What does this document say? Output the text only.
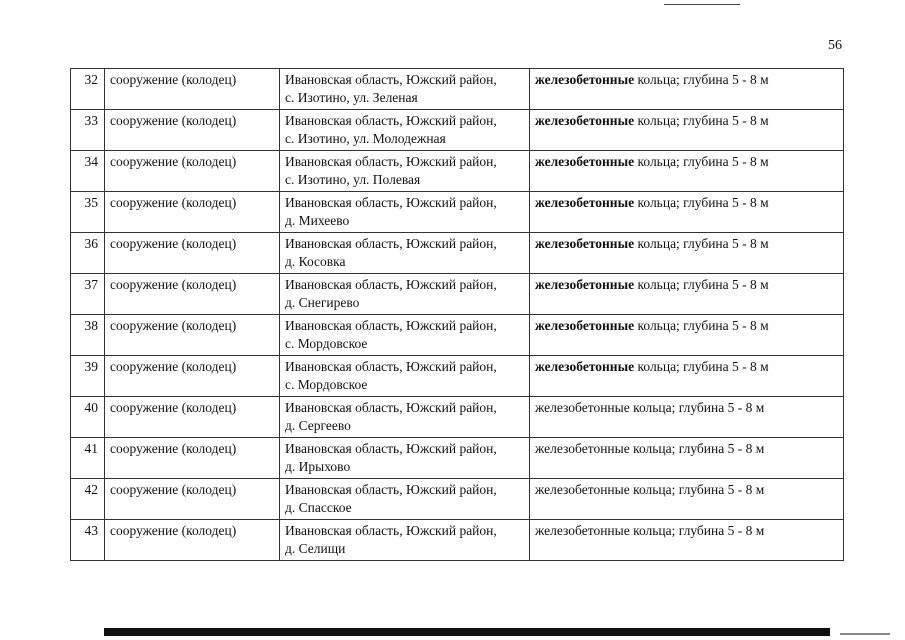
56
32	сооружение (колодец)	Ивановская область, Южский район,
с. Изотино, ул. Зеленая	железобетонные кольца; глубина 5 - 8 м
33	сооружение (колодец)	Ивановская область, Южский район,
с. Изотино, ул. Молодежная	железобетонные кольца; глубина 5 - 8 м
34	сооружение (колодец)	Ивановская область, Южский район,
с. Изотино, ул. Полевая	железобетонные кольца; глубина 5 - 8 м
35	сооружение (колодец)	Ивановская область, Южский район,
д. Михеево	железобетонные кольца; глубина 5 - 8 м
36	сооружение (колодец)	Ивановская область, Южский район,
д. Косовка	железобетонные кольца; глубина 5 - 8 м
37	сооружение (колодец)	Ивановская область, Южский район,
д. Снегирево	железобетонные кольца; глубина 5 - 8 м
38	сооружение (колодец)	Ивановская область, Южский район,
с. Мордовское	железобетонные кольца; глубина 5 - 8 м
39	сооружение (колодец)	Ивановская область, Южский район,
с. Мордовское	железобетонные кольца; глубина 5 - 8 м
40	сооружение (колодец)	Ивановская область, Южский район,
д. Сергеево	железобетонные кольца; глубина 5 - 8 м
41	сооружение (колодец)	Ивановская область, Южский район,
д. Ирыхово	железобетонные кольца; глубина 5 - 8 м
42	сооружение (колодец)	Ивановская область, Южский район,
д. Спасское	железобетонные кольца; глубина 5 - 8 м
43	сооружение (колодец)	Ивановская область, Южский район,
д. Селищи	железобетонные кольца; глубина 5 - 8 м
